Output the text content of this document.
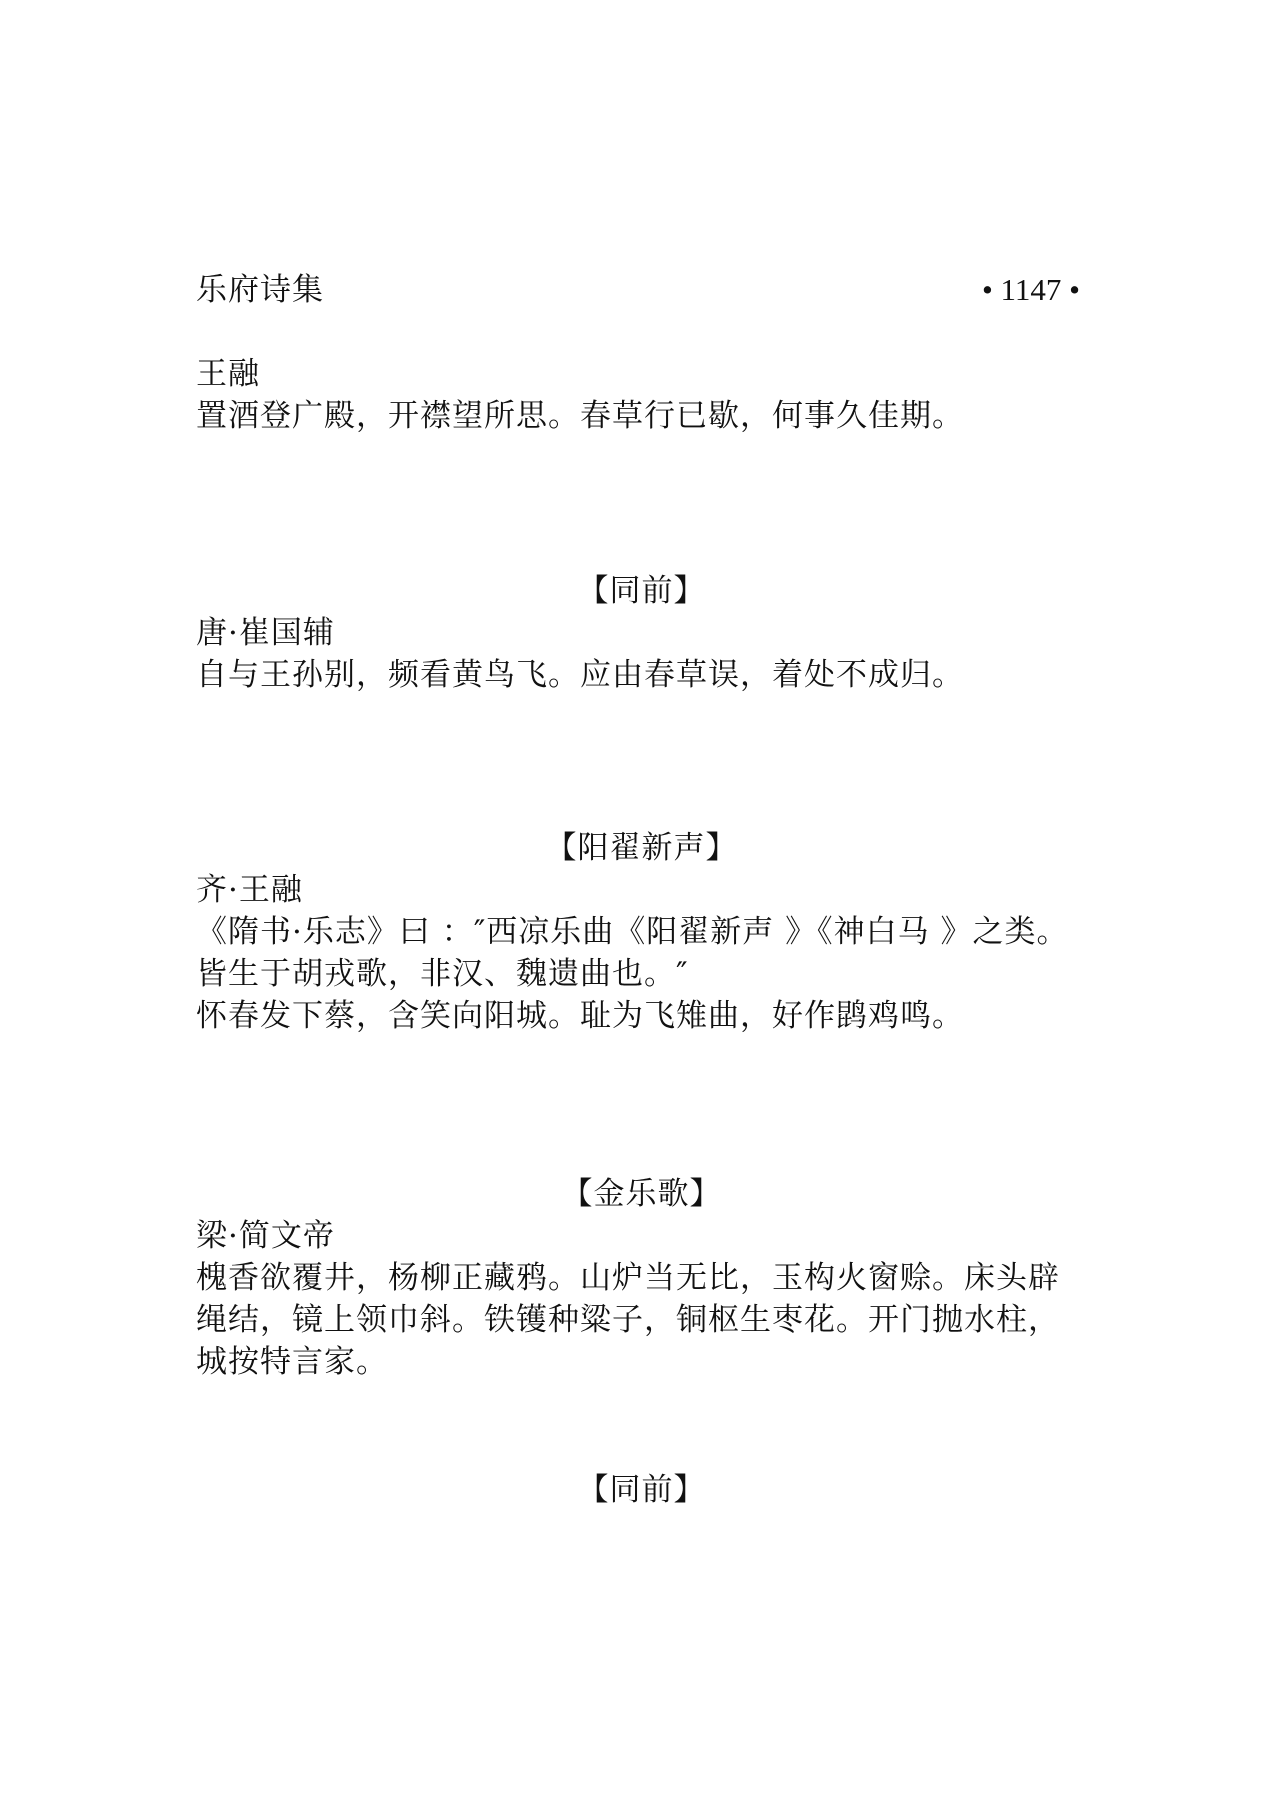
乐府诗集	• 1147 •
王融
置酒登广殿，开襟望所思。春草行已歇，何事久佳期。
【同前】
唐·崔国辅
自与王孙别，频看黄鸟飞。应由春草误，着处不成归。
【阳翟新声】
齐·王融
《隋书·乐志》曰 ：″西凉乐曲《阳翟新声 》《神白马 》之类。
皆生于胡戎歌，非汉、魏遗曲也。″
怀春发下蔡，含笑向阳城。耻为飞雉曲，好作鹍鸡鸣。
【金乐歌】
梁·简文帝
槐香欲覆井，杨柳正藏鸦。山炉当无比，玉构火窗赊。床头辟
绳结，镜上领巾斜。铁镬种粱子，铜枢生枣花。开门抛水柱，
城按特言家。
【同前】
